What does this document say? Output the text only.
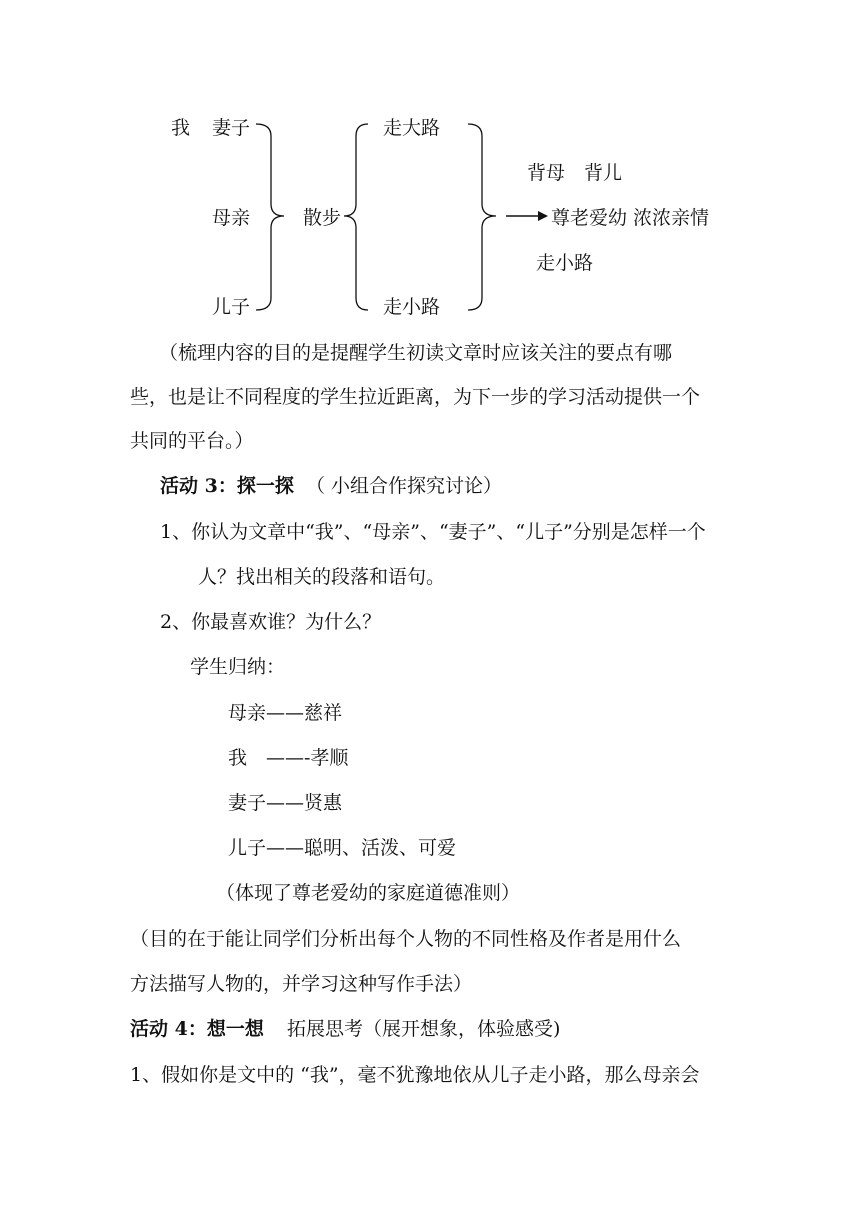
我 妻子
母亲
儿子
散步
走大路
走小路
背母　背儿
尊老爱幼 浓浓亲情
走小路
（梳理内容的目的是提醒学生初读文章时应该关注的要点有哪
些，也是让不同程度的学生拉近距离，为下一步的学习活动提供一个
共同的平台。）
活动 3：探一探 （ 小组合作探究讨论）
1、你认为文章中“我”、“母亲”、“妻子”、“儿子”分别是怎样一个
人？找出相关的段落和语句。
2、你最喜欢谁？为什么？
学生归纳：
母亲——慈祥
我　——-孝顺
妻子——贤惠
儿子——聪明、活泼、可爱
（体现了尊老爱幼的家庭道德准则）
（目的在于能让同学们分析出每个人物的不同性格及作者是用什么
方法描写人物的，并学习这种写作手法）
活动 4：想一想 拓展思考（展开想象，体验感受)
1、假如你是文中的 “我”，毫不犹豫地依从儿子走小路，那么母亲会
